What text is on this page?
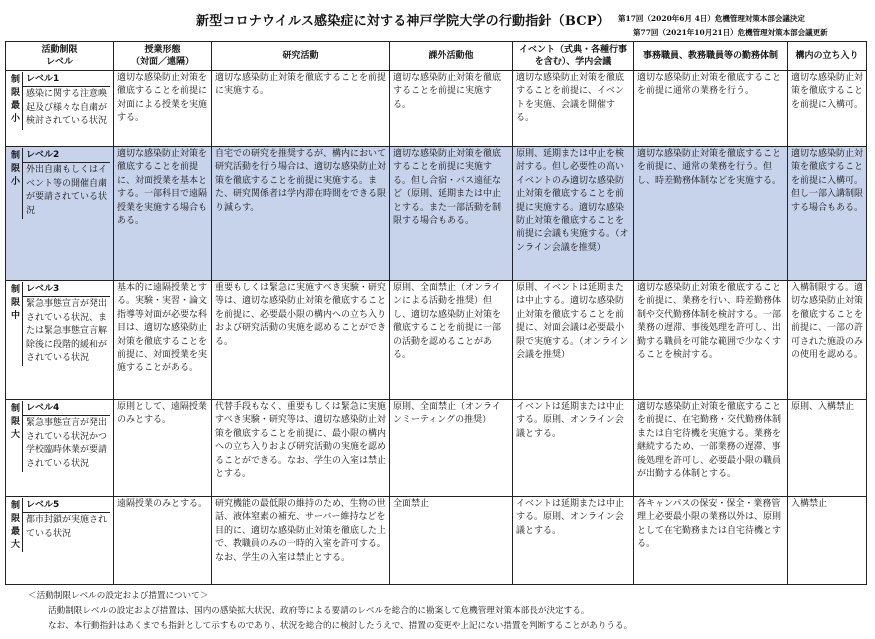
新型コロナウイルス感染症に対する神戸学院大学の行動指針（BCP） 第17回（2020年6月 4日）危機管理対策本部会議決定
第77回（2021年10月21日）危機管理対策本部会議更新
活動制限
レベル	授業形態
（対面／遠隔）	研究活動	課外活動他	イベント（式典・各種行事を含む）、学内会議	事務職員、教務職員等の勤務体制	構内の立ち入り

制限最小
レベル1
感染に関する注意喚起及び様々な自粛が検討されている状況	適切な感染防止対策を徹底することを前提に対面による授業を実施する。	適切な感染防止対策を徹底することを前提に実施する。	適切な感染防止対策を徹底することを前提に実施する。	適切な感染防止対策を徹底することを前提に、イベントを実施、会議を開催する。	適切な感染防止対策を徹底することを前提に通常の業務を行う。	適切な感染防止対策を徹底することを前提に入構可。

制限小
レベル2
外出自粛もしくはイベント等の開催自粛が要請されている状況	適切な感染防止対策を徹底することを前提に、対面授業を基本とする。一部科目で遠隔授業を実施する場合もある。	自宅での研究を推奨するが、構内において研究活動を行う場合は、適切な感染防止対策を徹底することを前提に実施する。また、研究関係者は学内滞在時間をできる限り減らす。	適切な感染防止対策を徹底することを前提に実施する。但し合宿・バス遠征など（原則、延期または中止とする。また一部活動を制限する場合もある。	原則、延期または中止を検討する。但し必要性の高いイベントのみ適切な感染防止対策を徹底することを前提に実施する。適切な感染防止対策を徹底することを前提に会議も実施する。（オンライン会議を推奨）	適切な感染防止対策を徹底することを前提に、通常の業務を行う。但し、時差勤務体制などを実施する。	適切な感染防止対策を徹底することを前提に入構可。但し一部入講制限する場合もある。

制限中
レベル3
緊急事態宣言が発出されている状況、または緊急事態宣言解除後に段階的緩和がされている状況	基本的に遠隔授業とする。実験・実習・論文指導等対面が必要な科目は、適切な感染防止対策を徹底することを前提に、対面授業を実施することがある。	重要もしくは緊急に実施すべき実験・研究等は、適切な感染防止対策を徹底することを前提に、必要最小限の構内への立ち入りおよび研究活動の実施を認めることができる。	原則、全面禁止（オンラインによる活動を推奨）但し、適切な感染防止対策を徹底することを前提に一部の活動を認めることがある。	原則、イベントは延期または中止する。適切な感染防止対策を徹底することを前提に、対面会議は必要最小限で実施する。（オンライン会議を推奨）	適切な感染防止対策を徹底することを前提に、業務を行い、時差勤務体制や交代勤務体制を検討する。一部業務の遅滞、事後処理を許可し、出勤する職員を可能な範囲で少なくすることを検討する。	入構制限する。適切な感染防止対策を徹底することを前提に、一部の許可された施設のみの使用を認める。

制限大
レベル4
緊急事態宣言が発出されている状況かつ学校臨時休業が要請されている状況	原則として、遠隔授業のみとする。	代替手段もなく、重要もしくは緊急に実施すべき実験・研究等は、適切な感染防止対策を徹底することを前提に、最小限の構内への立ち入りおよび研究活動の実施を認めることができる。なお、学生の入室は禁止とする。	原則、全面禁止（オンラインミーティングの推奨）	イベントは延期または中止する。原則、オンライン会議とする。	適切な感染防止対策を徹底することを前提に、在宅勤務・交代勤務体制または自宅待機を実施する。業務を継続するため、一部業務の遅滞、事後処理を許可し、必要最小限の職員が出勤する体制とする。	原則、入構禁止

制限最大
レベル5
都市封鎖が実施されている状況	遠隔授業のみとする。	研究機能の最低限の維持のため、生物の世話、液体窒素の補充、サーバー維持などを目的に、適切な感染防止対策を徹底した上で、教職員のみの一時的入室を許可する。なお、学生の入室は禁止とする。	全面禁止	イベントは延期または中止する。原則、オンライン会議とする。	各キャンパスの保安・保全・業務管理上必要最小限の業務以外は、原則として在宅勤務または自宅待機とする。	入構禁止
＜活動制限レベルの設定および措置について＞
活動制限レベルの設定および措置は、国内の感染拡大状況、政府等による要請のレベルを総合的に勘案して危機管理対策本部長が決定する。
なお、本行動指針はあくまでも指針として示すものであり、状況を総合的に検討したうえで、措置の変更や上記にない措置を判断することがありうる。
